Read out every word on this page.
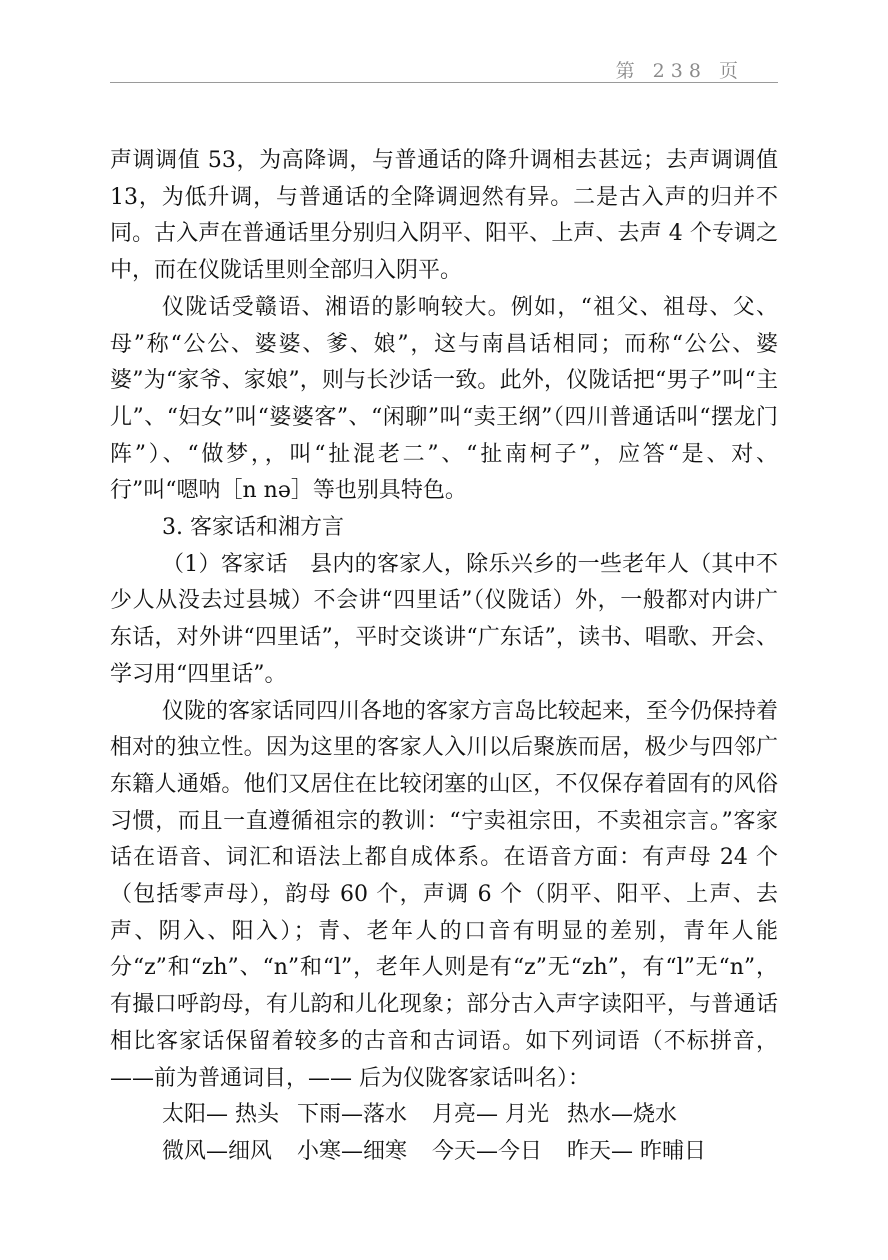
第 238 页

声调调值 53，为高降调，与普通话的降升调相去甚远；去声调调值 13，为低升调，与普通话的全降调迥然有异。二是古入声的归并不同。古入声在普通话里分别归入阴平、阳平、上声、去声 4 个专调之中，而在仪陇话里则全部归入阴平。

仪陇话受赣语、湘语的影响较大。例如，“祖父、祖母、父、母”称“公公、婆婆、爹、娘”，这与南昌话相同；而称“公公、婆婆”为“家爷、家娘”，则与长沙话一致。此外，仪陇话把“男子”叫“主儿”、“妇女”叫“婆婆客”、“闲聊”叫“卖王纲”（四川普通话叫“摆龙门阵”）、“做梦，，叫“扯混老二”、“扯南柯子”，应答“是、对、行”叫“嗯呐［n nə］等也别具特色。

3. 客家话和湘方言

（1）客家话　县内的客家人，除乐兴乡的一些老年人（其中不少人从没去过县城）不会讲“四里话”（仪陇话）外，一般都对内讲广东话，对外讲“四里话”，平时交谈讲“广东话”，读书、唱歌、开会、学习用“四里话”。

仪陇的客家话同四川各地的客家方言岛比较起来，至今仍保持着相对的独立性。因为这里的客家人入川以后聚族而居，极少与四邻广东籍人通婚。他们又居住在比较闭塞的山区，不仅保存着固有的风俗习惯，而且一直遵循祖宗的教训：“宁卖祖宗田，不卖祖宗言。”客家话在语音、词汇和语法上都自成体系。在语音方面：有声母 24 个（包括零声母），韵母 60 个，声调 6 个（阴平、阳平、上声、去声、阴入、阳入）；青、老年人的口音有明显的差别，青年人能分“z”和“zh”、“n”和“l”，老年人则是有“z”无“zh”，有“l”无“n”，有撮口呼韵母，有儿韵和儿化现象；部分古入声字读阳平，与普通话相比客家话保留着较多的古音和古词语。如下列词语（不标拼音，——前为普通词目，—— 后为仪陇客家话叫名）：

太阳— 热头 下雨—落水	月亮— 月光 热水—烧水
微风—细风	小寒—细寒	今天—今日	昨天— 昨晡日
